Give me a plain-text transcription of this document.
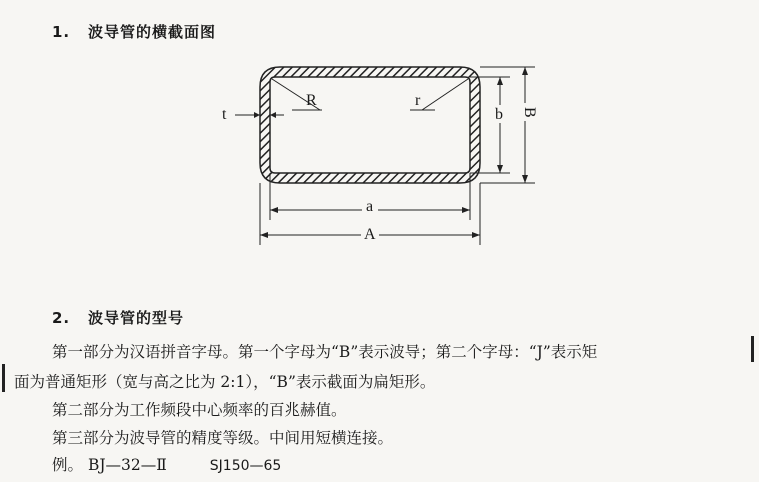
1. 波导管的横截面图
R	r
t
a
A
b B
2. 波导管的型号
第一部分为汉语拼音字母。第一个字母为“B”表示波导；第二个字母：“J”表示矩
面为普通矩形（宽与高之比为 2:1），“B”表示截面为扁矩形。
第二部分为工作频段中心频率的百兆赫值。
第三部分为波导管的精度等级。中间用短横连接。
例。 BJ—32—Ⅱ	SJ150—65
